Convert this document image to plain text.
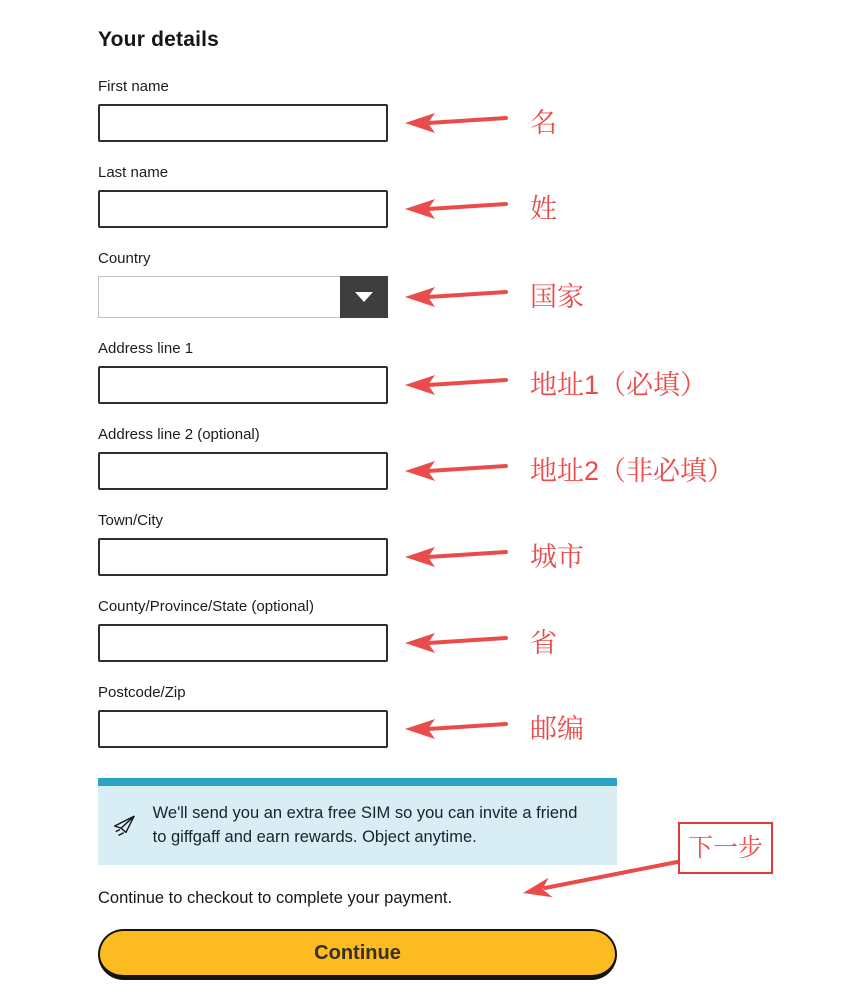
Your details
First name
名
Last name
姓
Country
国家
Address line 1
地址1（必填）
Address line 2 (optional)
地址2（非必填）
Town/City
城市
County/Province/State (optional)
省
Postcode/Zip
邮编
We'll send you an extra free SIM so you can invite a friend to giffgaff and earn rewards. Object anytime.
Continue to checkout to complete your payment.
Continue
下一步
